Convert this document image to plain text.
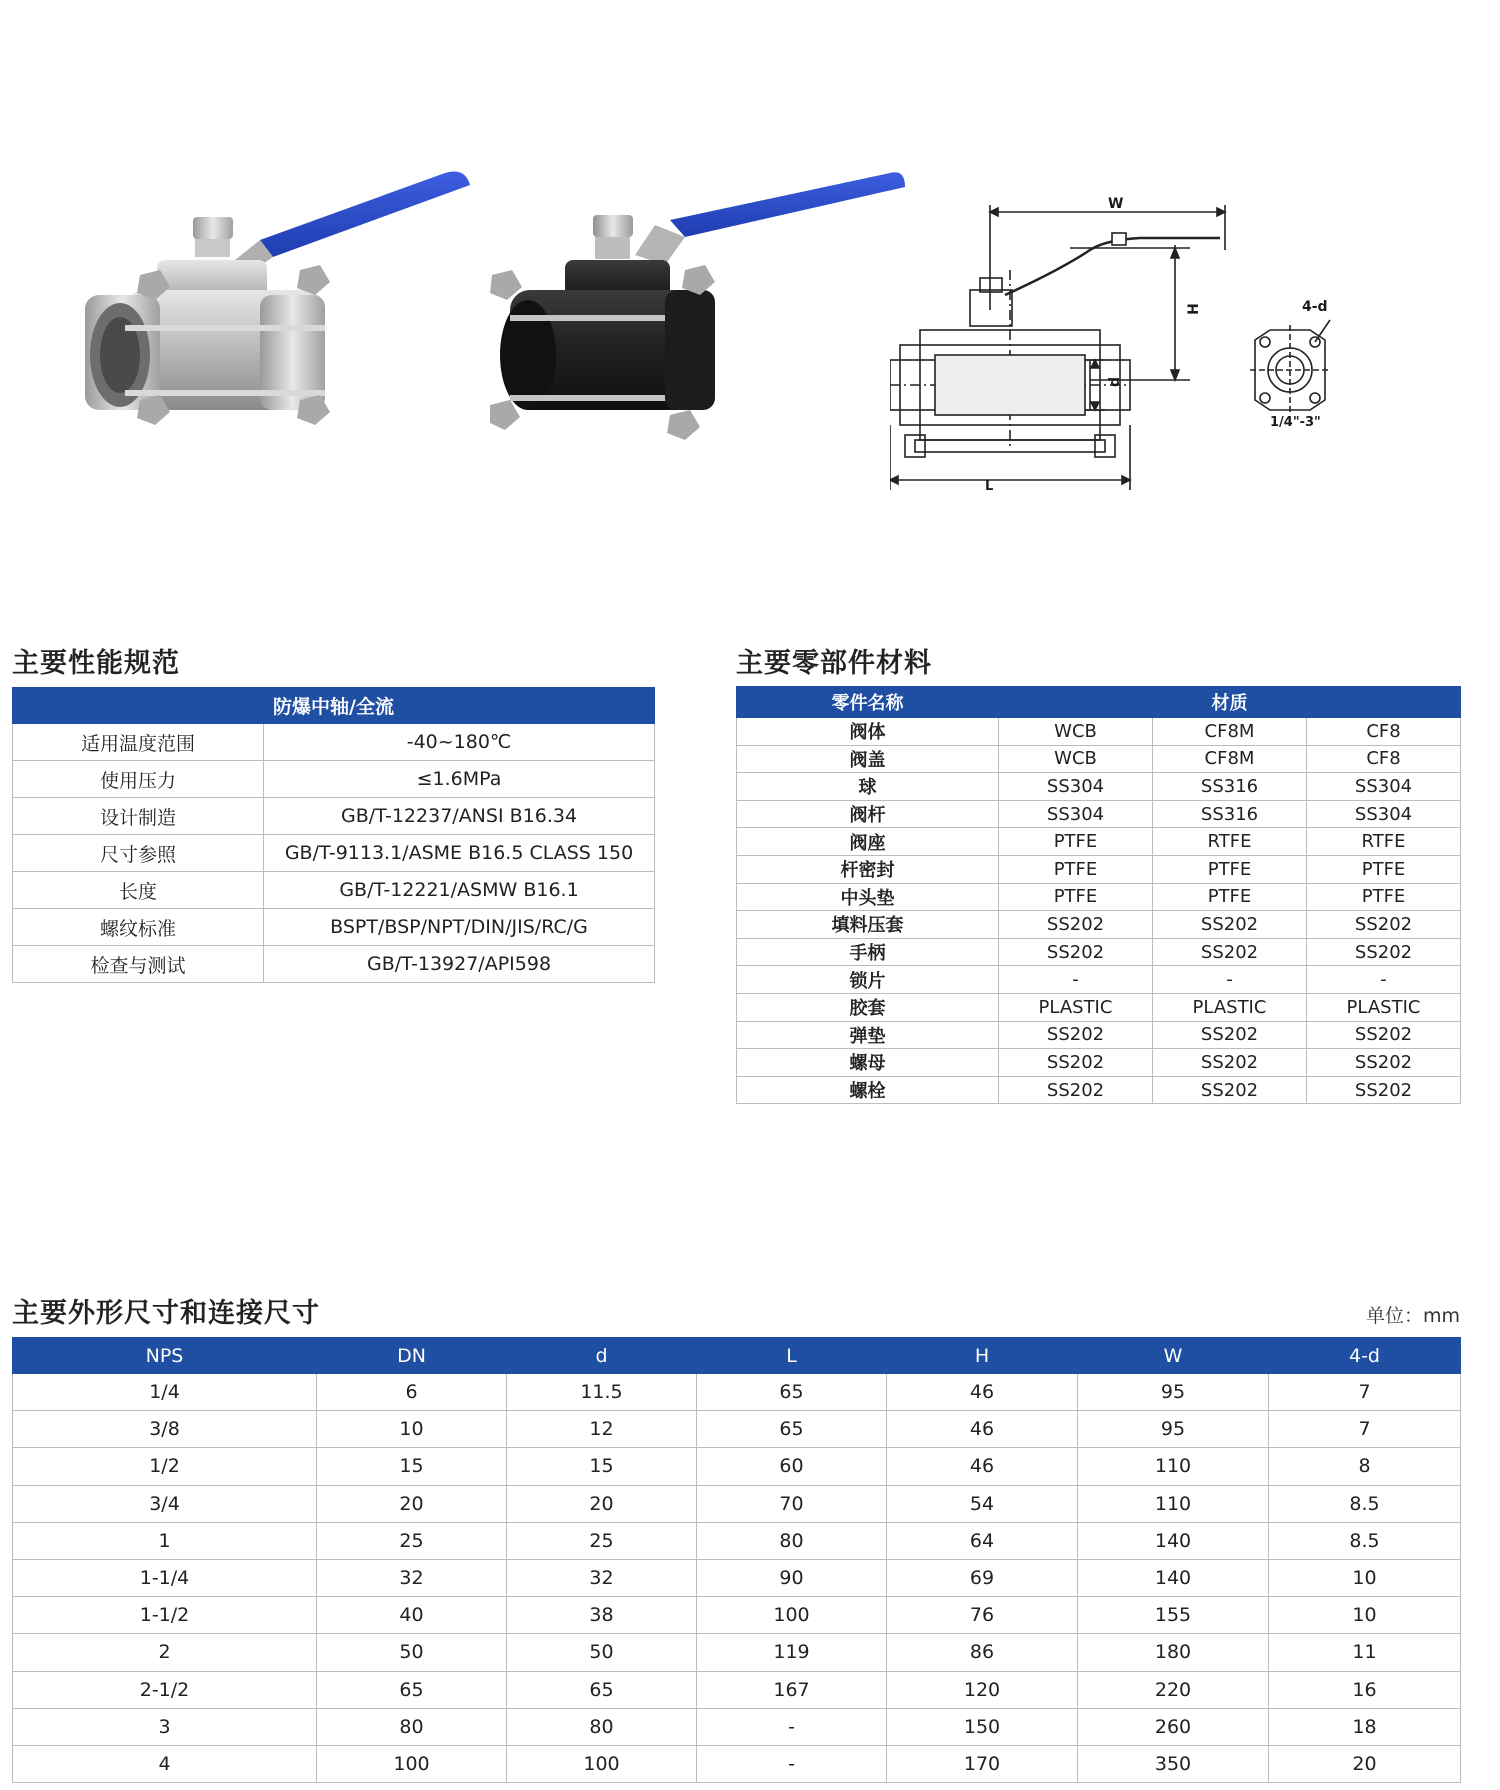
W
H
d
L
4-d
1/4"-3"
主要性能规范
防爆中轴/全流	
适用温度范围	-40~180℃
使用压力	≤1.6MPa
设计制造	GB/T-12237/ANSI B16.34
尺寸参照	GB/T-9113.1/ASME B16.5 CLASS 150
长度	GB/T-12221/ASMW B16.1
螺纹标准	BSPT/BSP/NPT/DIN/JIS/RC/G
检查与测试	GB/T-13927/API598
主要零部件材料
零件名称	材质		
阀体	WCB	CF8M	CF8
阀盖	WCB	CF8M	CF8
球	SS304	SS316	SS304
阀杆	SS304	SS316	SS304
阀座	PTFE	RTFE	RTFE
杆密封	PTFE	PTFE	PTFE
中头垫	PTFE	PTFE	PTFE
填料压套	SS202	SS202	SS202
手柄	SS202	SS202	SS202
锁片	-	-	-
胶套	PLASTIC	PLASTIC	PLASTIC
弹垫	SS202	SS202	SS202
螺母	SS202	SS202	SS202
螺栓	SS202	SS202	SS202
主要外形尺寸和连接尺寸	单位：mm
NPS	DN	d	L	H	W	4-d
1/4	6	11.5	65	46	95	7
3/8	10	12	65	46	95	7
1/2	15	15	60	46	110	8
3/4	20	20	70	54	110	8.5
1	25	25	80	64	140	8.5
1-1/4	32	32	90	69	140	10
1-1/2	40	38	100	76	155	10
2	50	50	119	86	180	11
2-1/2	65	65	167	120	220	16
3	80	80	-	150	260	18
4	100	100	-	170	350	20
